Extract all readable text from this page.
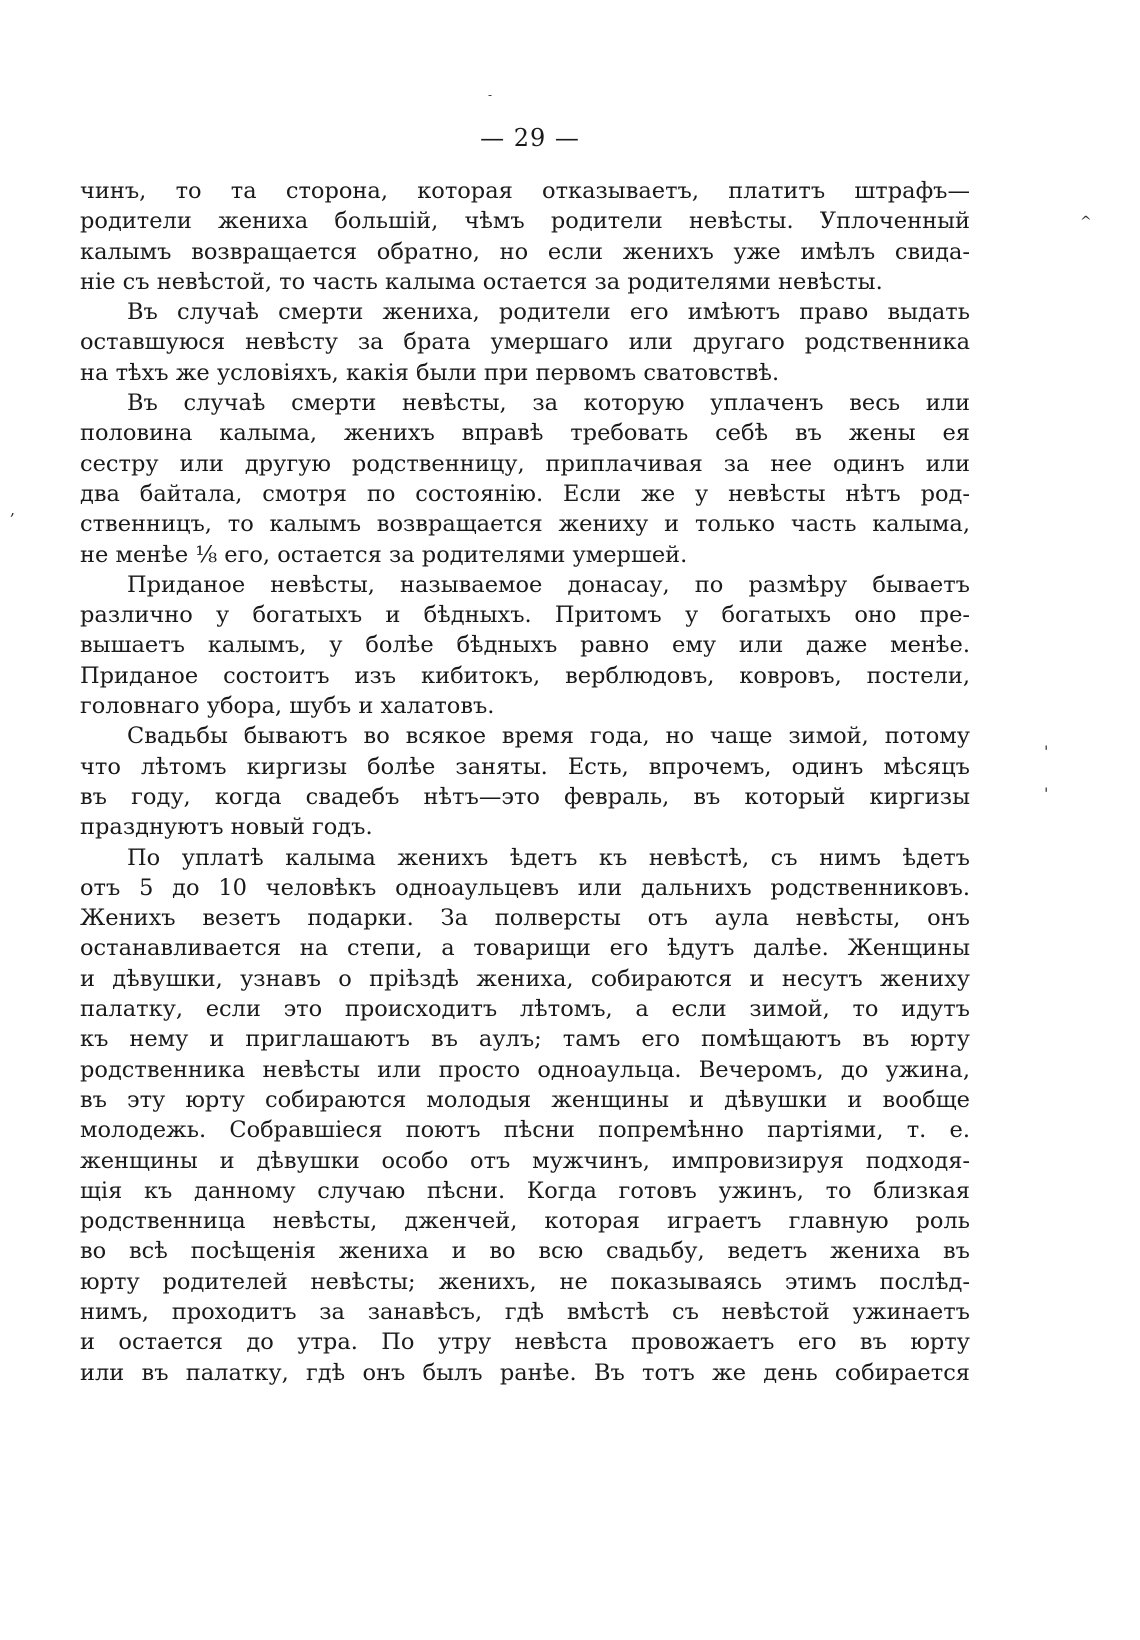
-
^
,
'
'
— 29 —
чинъ, то та сторона, которая отказываетъ, платитъ штрафъ—
родители жениха большій, чѣмъ родители невѣсты. Уплоченный
калымъ возвращается обратно, но если женихъ уже имѣлъ свида-
ніе съ невѣстой, то часть калыма остается за родителями невѣсты.
Въ случаѣ смерти жениха, родители его имѣютъ право выдать
оставшуюся невѣсту за брата умершаго или другаго родственника
на тѣхъ же условіяхъ, какія были при первомъ сватовствѣ.
Въ случаѣ смерти невѣсты, за которую уплаченъ весь или
половина калыма, женихъ вправѣ требовать себѣ въ жены ея
сестру или другую родственницу, приплачивая за нее одинъ или
два байтала, смотря по состоянію. Если же у невѣсты нѣтъ род-
ственницъ, то калымъ возвращается жениху и только часть калыма,
не менѣе ⅛ его, остается за родителями умершей.
Приданое невѣсты, называемое донасау, по размѣру бываетъ
различно у богатыхъ и бѣдныхъ. Притомъ у богатыхъ оно пре-
вышаетъ калымъ, у болѣе бѣдныхъ равно ему или даже менѣе.
Приданое состоитъ изъ кибитокъ, верблюдовъ, ковровъ, постели,
головнаго убора, шубъ и халатовъ.
Свадьбы бываютъ во всякое время года, но чаще зимой, потому
что лѣтомъ киргизы болѣе заняты. Есть, впрочемъ, одинъ мѣсяцъ
въ году, когда свадебъ нѣтъ—это февраль, въ который киргизы
празднуютъ новый годъ.
По уплатѣ калыма женихъ ѣдетъ къ невѣстѣ, съ нимъ ѣдетъ
отъ 5 до 10 человѣкъ одноаульцевъ или дальнихъ родственниковъ.
Женихъ везетъ подарки. За полверсты отъ аула невѣсты, онъ
останавливается на степи, а товарищи его ѣдутъ далѣе. Женщины
и дѣвушки, узнавъ о пріѣздѣ жениха, собираются и несутъ жениху
палатку, если это происходитъ лѣтомъ, а если зимой, то идутъ
къ нему и приглашаютъ въ аулъ; тамъ его помѣщаютъ въ юрту
родственника невѣсты или просто одноаульца. Вечеромъ, до ужина,
въ эту юрту собираются молодыя женщины и дѣвушки и вообще
молодежь. Собравшіеся поютъ пѣсни попремѣнно партіями, т. е.
женщины и дѣвушки особо отъ мужчинъ, импровизируя подходя-
щія къ данному случаю пѣсни. Когда готовъ ужинъ, то близкая
родственница невѣсты, дженчей, которая играетъ главную роль
во всѣ посѣщенія жениха и во всю свадьбу, ведетъ жениха въ
юрту родителей невѣсты; женихъ, не показываясь этимъ послѣд-
нимъ, проходитъ за занавѣсъ, гдѣ вмѣстѣ съ невѣстой ужинаетъ
и остается до утра. По утру невѣста провожаетъ его въ юрту
или въ палатку, гдѣ онъ былъ ранѣе. Въ тотъ же день собирается
